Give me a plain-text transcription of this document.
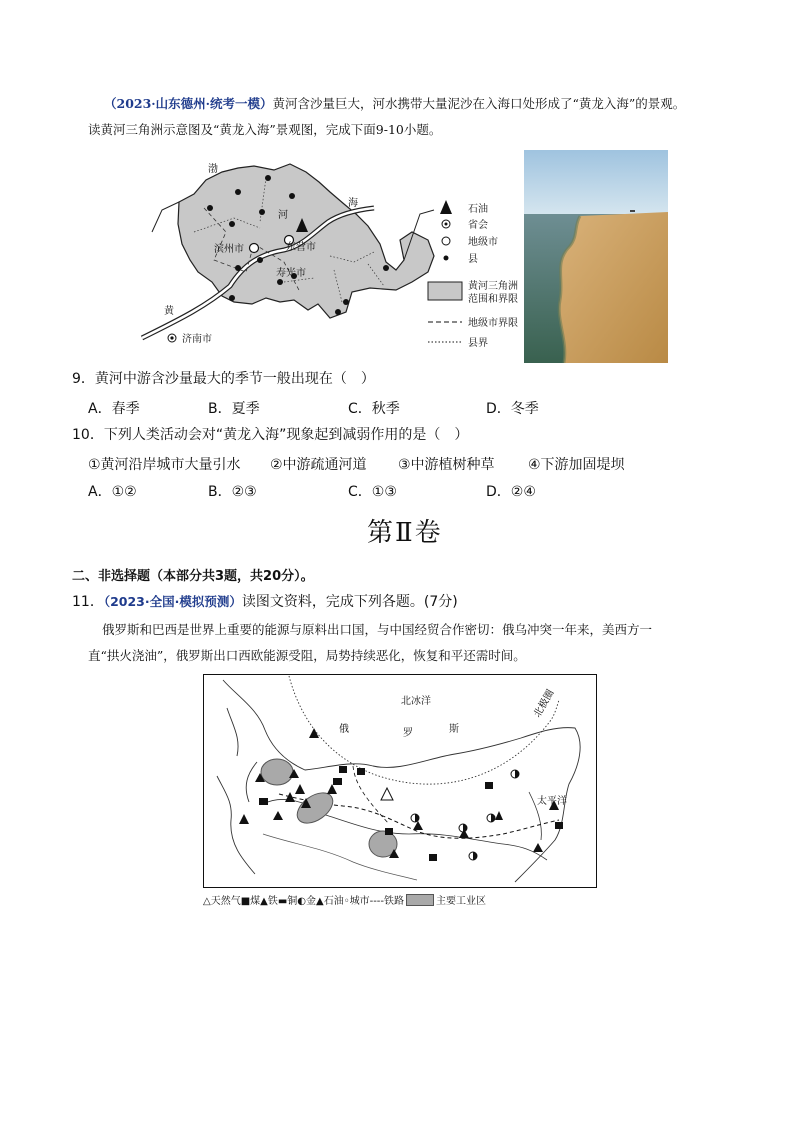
（2023·山东德州·统考一模）黄河含沙量巨大，河水携带大量泥沙在入海口处形成了“黄龙入海”的景观。
读黄河三角洲示意图及“黄龙入海”景观图，完成下面9-10小题。
渤
海
河
黄
滨州市	东营市
寿光市
济南市
石油
省会
地级市
县
黄河三角洲
范围和界限
地级市界限
县界
9．黄河中游含沙量最大的季节一般出现在（　）
A．春季	B．夏季	C．秋季	D．冬季
10．下列人类活动会对“黄龙入海”现象起到减弱作用的是（　）
①黄河沿岸城市大量引水 ②中游疏通河道 ③中游植树种草 ④下游加固堤坝
A．①②	B．②③	C．①③	D．②④
第Ⅱ卷
二、非选择题（本部分共3题，共20分）。
11．（2023·全国·模拟预测）读图文资料，完成下列各题。(7分)
俄罗斯和巴西是世界上重要的能源与原料出口国，与中国经贸合作密切：俄乌冲突一年来，美西方一
直“拱火浇油”，俄罗斯出口西欧能源受阻，局势持续恶化，恢复和平还需时间。
北冰洋
俄	罗	斯
太平洋
北极圈
△天然气■煤▲铁▬铜◐金▲石油◦城市----铁路	主要工业区
